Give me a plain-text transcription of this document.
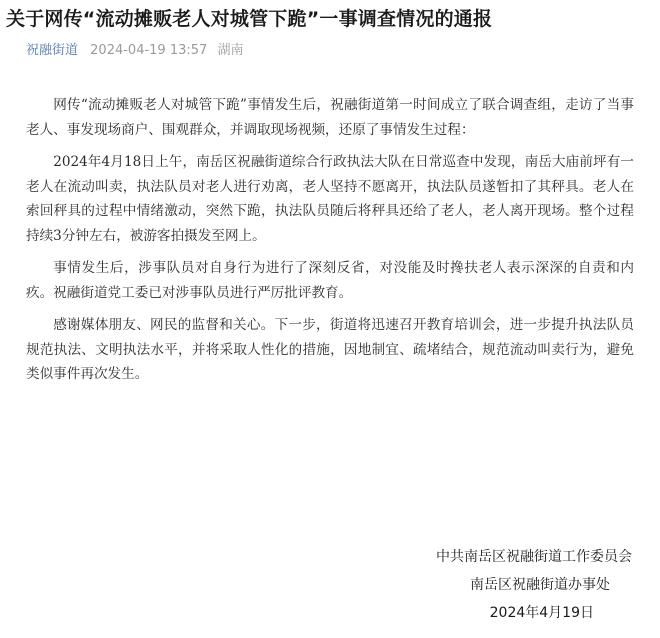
关于网传“流动摊贩老人对城管下跪”一事调查情况的通报
祝融街道 2024-04-19 13:57 湖南

网传“流动摊贩老人对城管下跪”事情发生后，祝融街道第一时间成立了联合调查组，走访了当事老人、事发现场商户、围观群众，并调取现场视频，还原了事情发生过程：

2024年4月18日上午，南岳区祝融街道综合行政执法大队在日常巡查中发现，南岳大庙前坪有一老人在流动叫卖，执法队员对老人进行劝离，老人坚持不愿离开，执法队员遂暂扣了其秤具。老人在索回秤具的过程中情绪激动，突然下跪，执法队员随后将秤具还给了老人，老人离开现场。整个过程持续3分钟左右，被游客拍摄发至网上。

事情发生后，涉事队员对自身行为进行了深刻反省，对没能及时搀扶老人表示深深的自责和内疚。祝融街道党工委已对涉事队员进行严厉批评教育。

感谢媒体朋友、网民的监督和关心。下一步，街道将迅速召开教育培训会，进一步提升执法队员规范执法、文明执法水平，并将采取人性化的措施，因地制宜、疏堵结合，规范流动叫卖行为，避免类似事件再次发生。

中共南岳区祝融街道工作委员会
南岳区祝融街道办事处
2024年4月19日
